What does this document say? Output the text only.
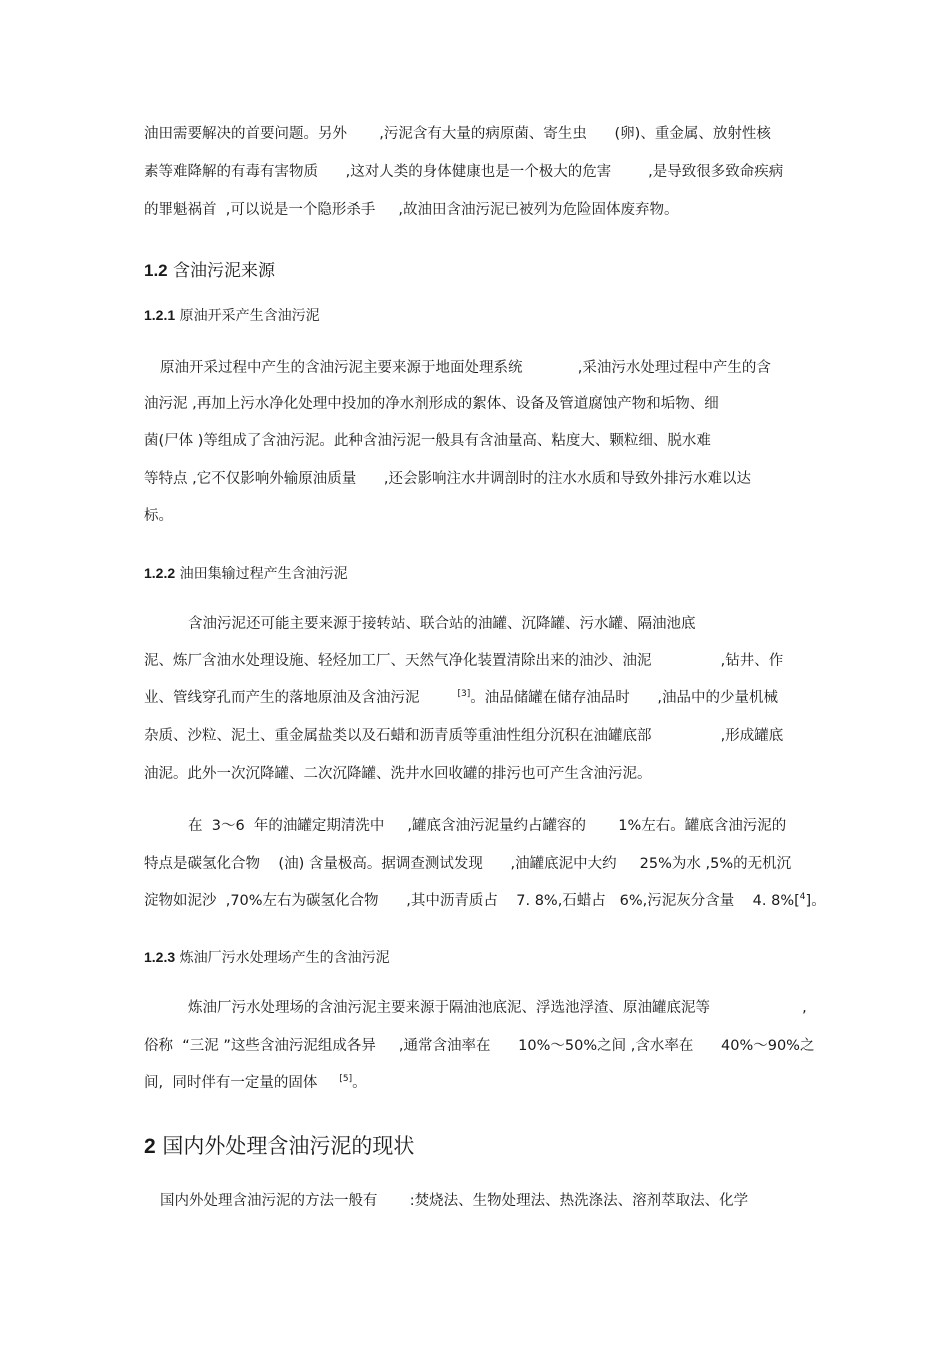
油田需要解决的首要问题。另外       ,污泥含有大量的病原菌、寄生虫      (卵)、重金属、放射性核

素等难降解的有毒有害物质      ,这对人类的身体健康也是一个极大的危害        ,是导致很多致命疾病

的罪魁祸首  ,可以说是一个隐形杀手     ,故油田含油污泥已被列为危险固体废弃物。

1.2 含油污泥来源
1.2.1 原油开采产生含油污泥

原油开采过程中产生的含油污泥主要来源于地面处理系统            ,采油污水处理过程中产生的含

油污泥 ,再加上污水净化处理中投加的净水剂形成的絮体、设备及管道腐蚀产物和垢物、细

菌(尸体 )等组成了含油污泥。此种含油污泥一般具有含油量高、粘度大、颗粒细、脱水难

等特点 ,它不仅影响外输原油质量      ,还会影响注水井调剖时的注水水质和导致外排污水难以达

标。

1.2.2 油田集输过程产生含油污泥

含油污泥还可能主要来源于接转站、联合站的油罐、沉降罐、污水罐、隔油池底

泥、炼厂含油水处理设施、轻烃加工厂、天然气净化装置清除出来的油沙、油泥               ,钻井、作

业、管线穿孔而产生的落地原油及含油污泥	[3]。油品储罐在储存油品时      ,油品中的少量机械

杂质、沙粒、泥土、重金属盐类以及石蜡和沥青质等重油性组分沉积在油罐底部               ,形成罐底

油泥。此外一次沉降罐、二次沉降罐、洗井水回收罐的排污也可产生含油污泥。

在  3～6  年的油罐定期清洗中     ,罐底含油污泥量约占罐容的       1%左右。罐底含油污泥的

特点是碳氢化合物    (油) 含量极高。据调查测试发现      ,油罐底泥中大约     25%为水 ,5%的无机沉

淀物如泥沙  ,70%左右为碳氢化合物      ,其中沥青质占    7. 8%,石蜡占   6%,污泥灰分含量    4. 8%[$^4$]。

1.2.3 炼油厂污水处理场产生的含油污泥

炼油厂污水处理场的含油污泥主要来源于隔油池底泥、浮选池浮渣、原油罐底泥等                    ,

俗称  “三泥 ”这些含油污泥组成各异     ,通常含油率在      10%～50%之间 ,含水率在      40%～90%之

间,  同时伴有一定量的固体 [5]。

2 国内外处理含油污泥的现状

国内外处理含油污泥的方法一般有       :焚烧法、生物处理法、热洗涤法、溶剂萃取法、化学
